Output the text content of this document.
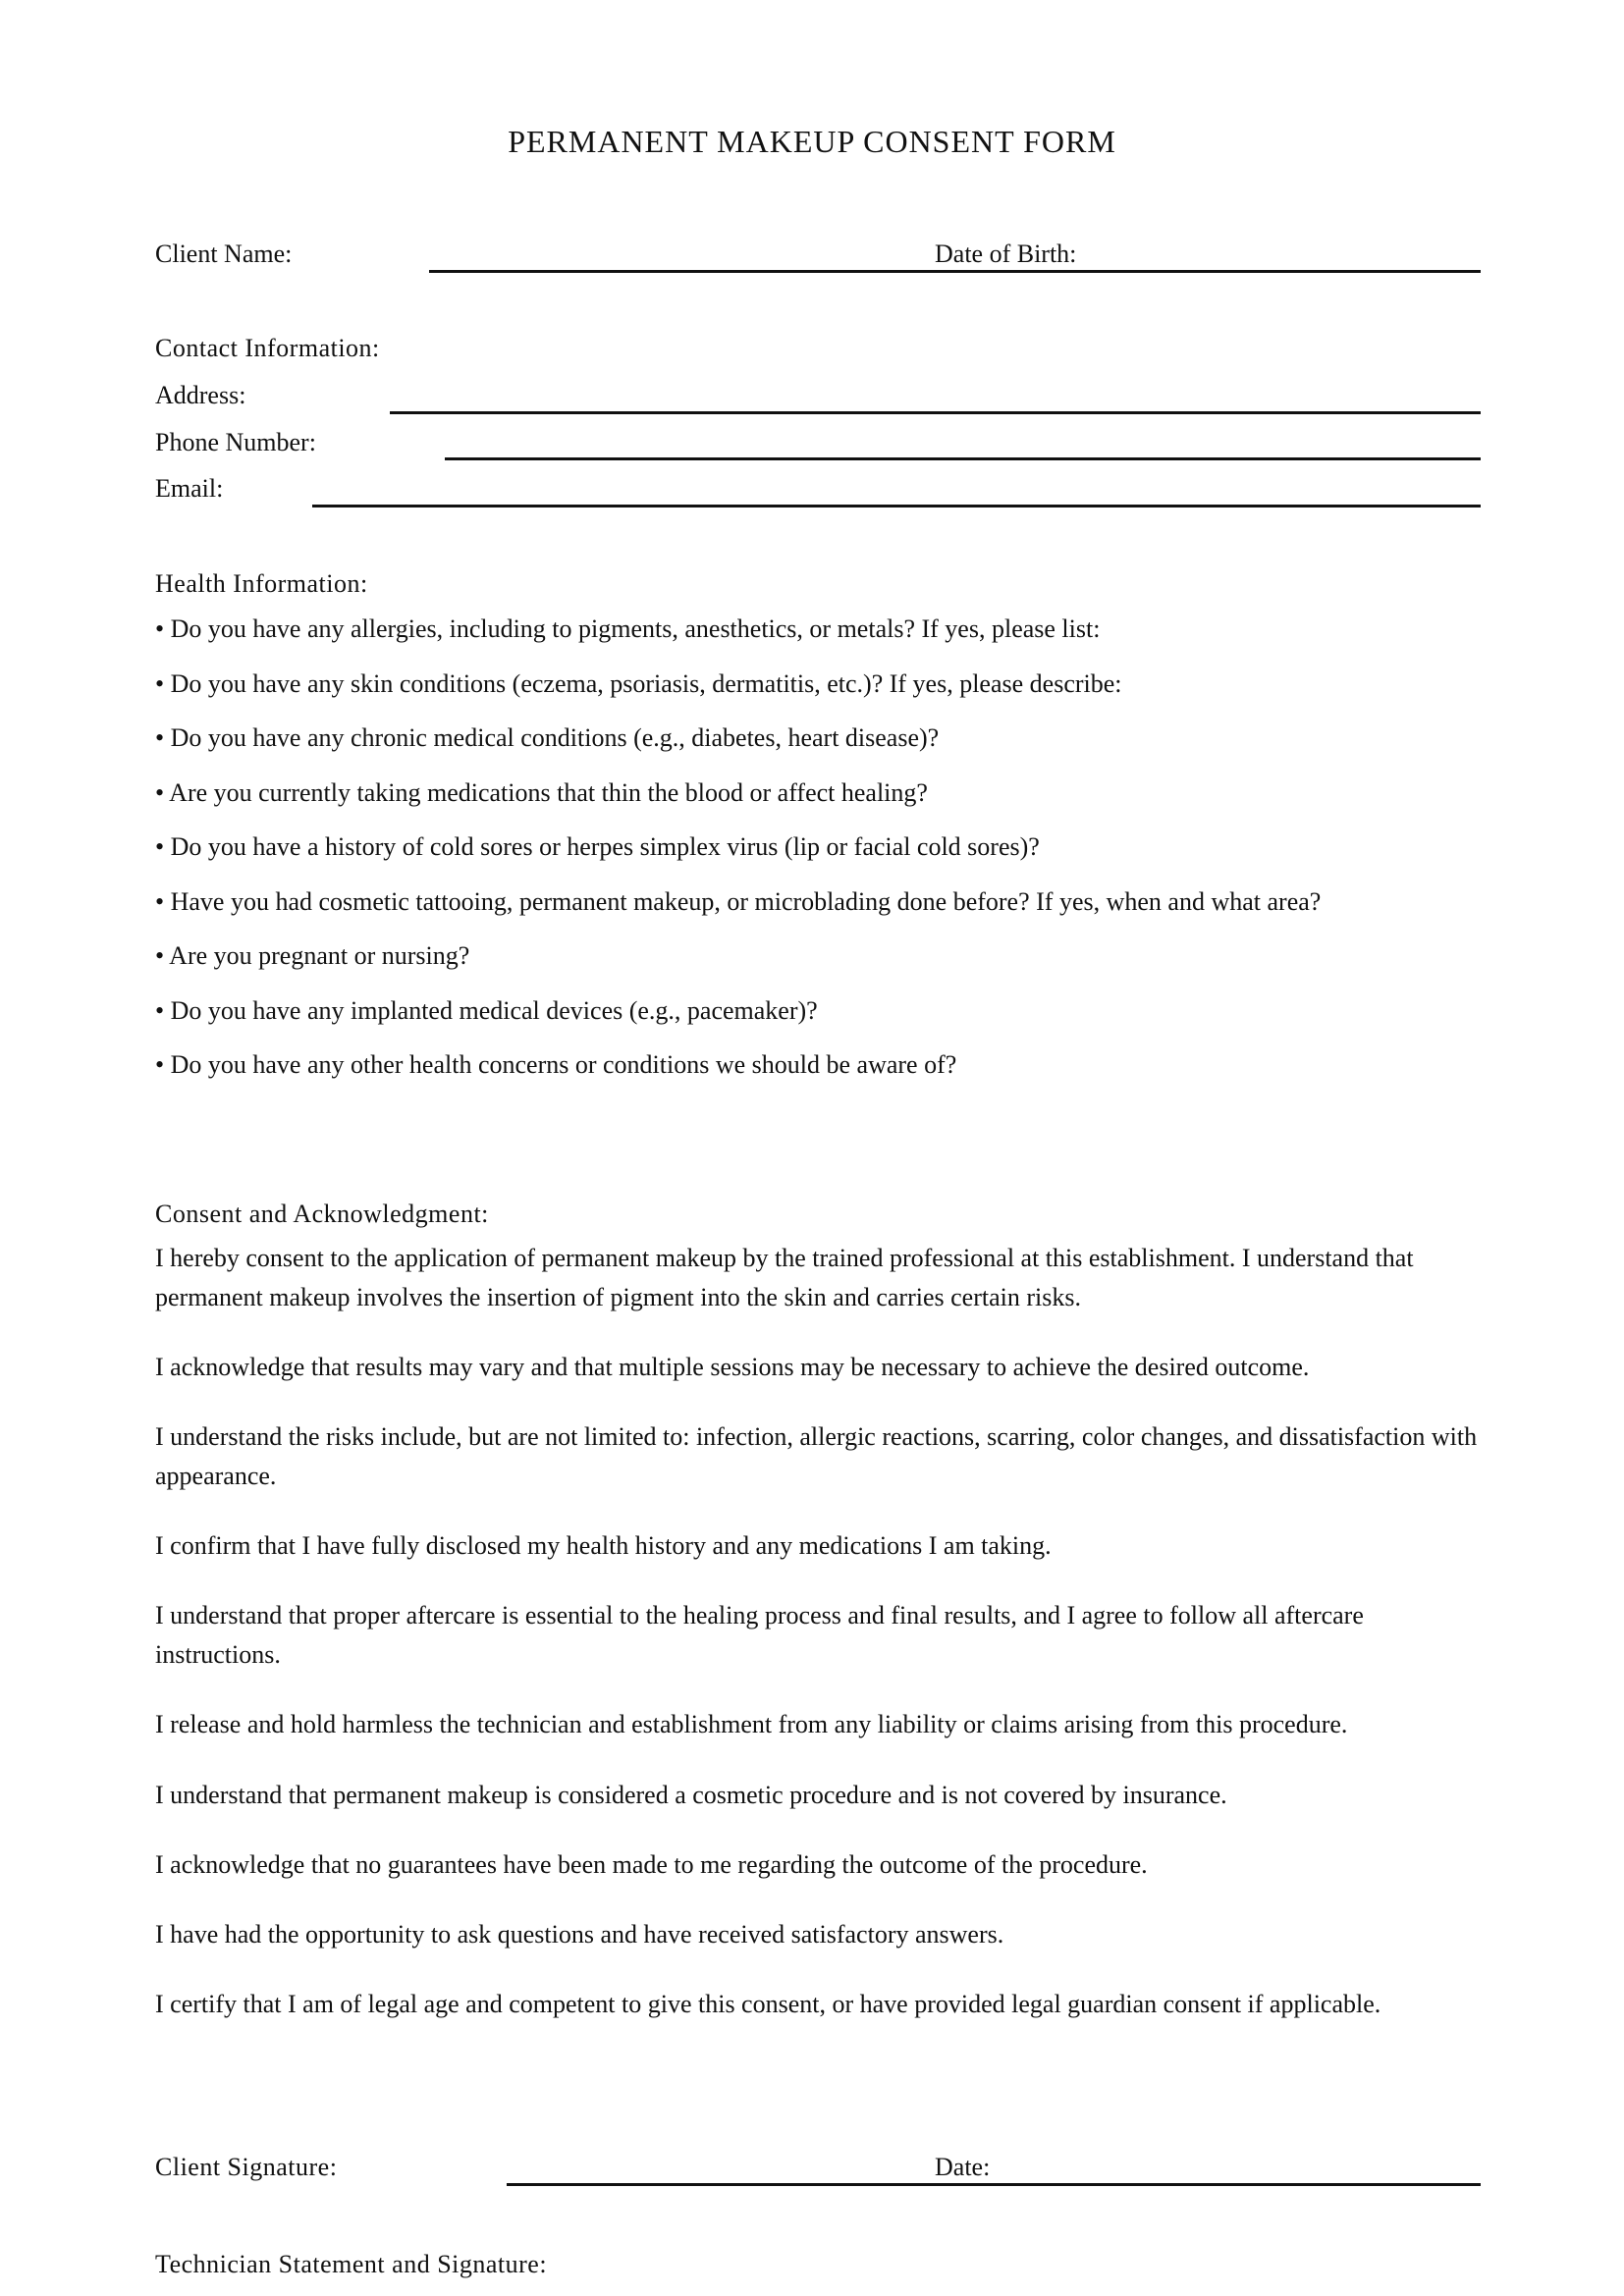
PERMANENT MAKEUP CONSENT FORM
Client Name:	Date of Birth:
Contact Information:
Address:
Phone Number:
Email:
Health Information:
• Do you have any allergies, including to pigments, anesthetics, or metals? If yes, please list:
• Do you have any skin conditions (eczema, psoriasis, dermatitis, etc.)? If yes, please describe:
• Do you have any chronic medical conditions (e.g., diabetes, heart disease)?
• Are you currently taking medications that thin the blood or affect healing?
• Do you have a history of cold sores or herpes simplex virus (lip or facial cold sores)?
• Have you had cosmetic tattooing, permanent makeup, or microblading done before? If yes, when and what area?
• Are you pregnant or nursing?
• Do you have any implanted medical devices (e.g., pacemaker)?
• Do you have any other health concerns or conditions we should be aware of?
Consent and Acknowledgment:
I hereby consent to the application of permanent makeup by the trained professional at this establishment. I understand that permanent makeup involves the insertion of pigment into the skin and carries certain risks.
I acknowledge that results may vary and that multiple sessions may be necessary to achieve the desired outcome.
I understand the risks include, but are not limited to: infection, allergic reactions, scarring, color changes, and dissatisfaction with appearance.
I confirm that I have fully disclosed my health history and any medications I am taking.
I understand that proper aftercare is essential to the healing process and final results, and I agree to follow all aftercare instructions.
I release and hold harmless the technician and establishment from any liability or claims arising from this procedure.
I understand that permanent makeup is considered a cosmetic procedure and is not covered by insurance.
I acknowledge that no guarantees have been made to me regarding the outcome of the procedure.
I have had the opportunity to ask questions and have received satisfactory answers.
I certify that I am of legal age and competent to give this consent, or have provided legal guardian consent if applicable.
Client Signature:	Date:
Technician Statement and Signature:
